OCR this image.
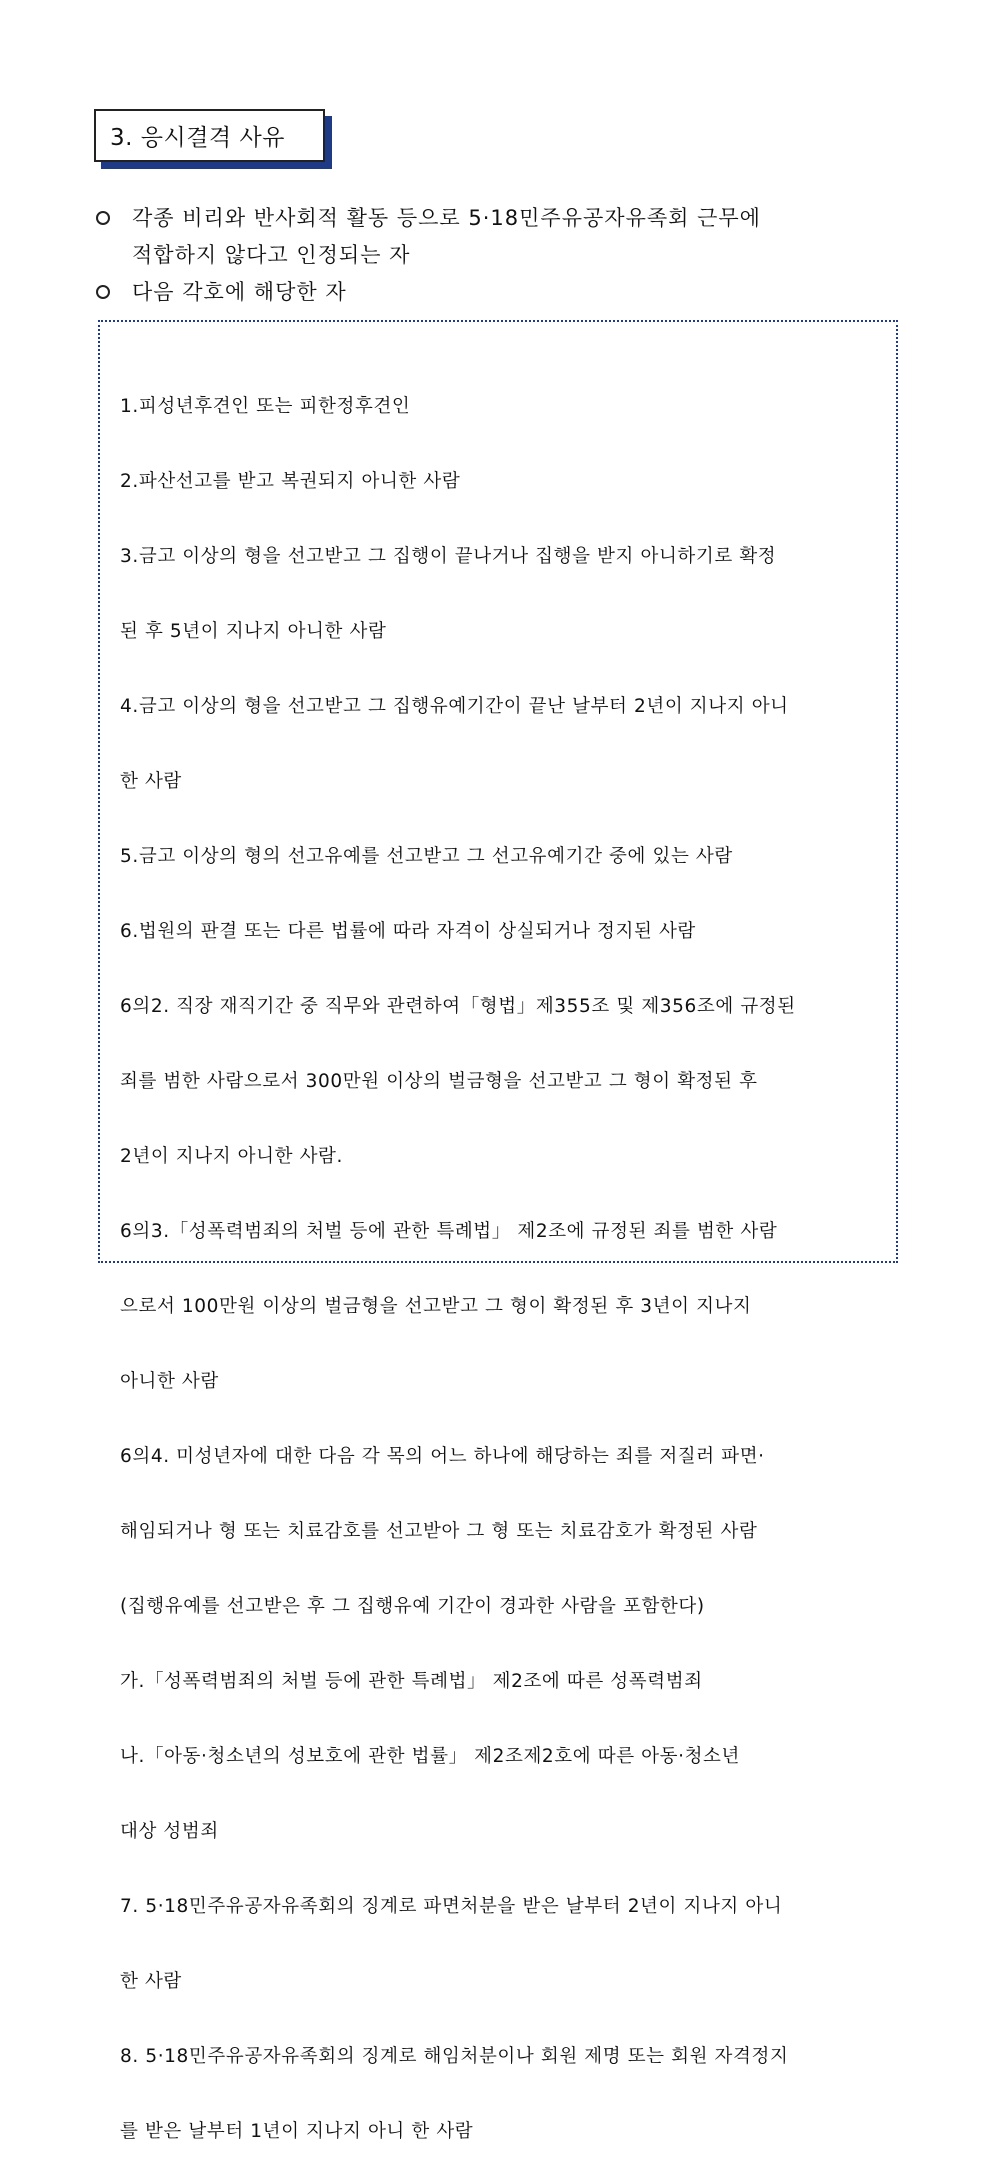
3. 응시결격 사유
각종 비리와 반사회적 활동 등으로 5·18민주유공자유족회 근무에
적합하지 않다고 인정되는 자
다음 각호에 해당한 자

1.피성년후견인 또는 피한정후견인

2.파산선고를 받고 복권되지 아니한 사람

3.금고 이상의 형을 선고받고 그 집행이 끝나거나 집행을 받지 아니하기로 확정

된 후 5년이 지나지 아니한 사람

4.금고 이상의 형을 선고받고 그 집행유예기간이 끝난 날부터 2년이 지나지 아니

한 사람

5.금고 이상의 형의 선고유예를 선고받고 그 선고유예기간 중에 있는 사람

6.법원의 판결 또는 다른 법률에 따라 자격이 상실되거나 정지된 사람

6의2. 직장 재직기간 중 직무와 관련하여「형법」제355조 및 제356조에 규정된

죄를 범한 사람으로서 300만원 이상의 벌금형을 선고받고 그 형이 확정된 후

2년이 지나지 아니한 사람.

6의3.「성폭력범죄의 처벌 등에 관한 특례법」 제2조에 규정된 죄를 범한 사람

으로서 100만원 이상의 벌금형을 선고받고 그 형이 확정된 후 3년이 지나지

아니한 사람

6의4. 미성년자에 대한 다음 각 목의 어느 하나에 해당하는 죄를 저질러 파면·

해임되거나 형 또는 치료감호를 선고받아 그 형 또는 치료감호가 확정된 사람

(집행유예를 선고받은 후 그 집행유예 기간이 경과한 사람을 포함한다)

가.「성폭력범죄의 처벌 등에 관한 특례법」 제2조에 따른 성폭력범죄

나.「아동·청소년의 성보호에 관한 법률」 제2조제2호에 따른 아동·청소년

대상 성범죄

7. 5·18민주유공자유족회의 징계로 파면처분을 받은 날부터 2년이 지나지 아니

한 사람

8. 5·18민주유공자유족회의 징계로 해임처분이나 회원 제명 또는 회원 자격정지

를 받은 날부터 1년이 지나지 아니 한 사람
